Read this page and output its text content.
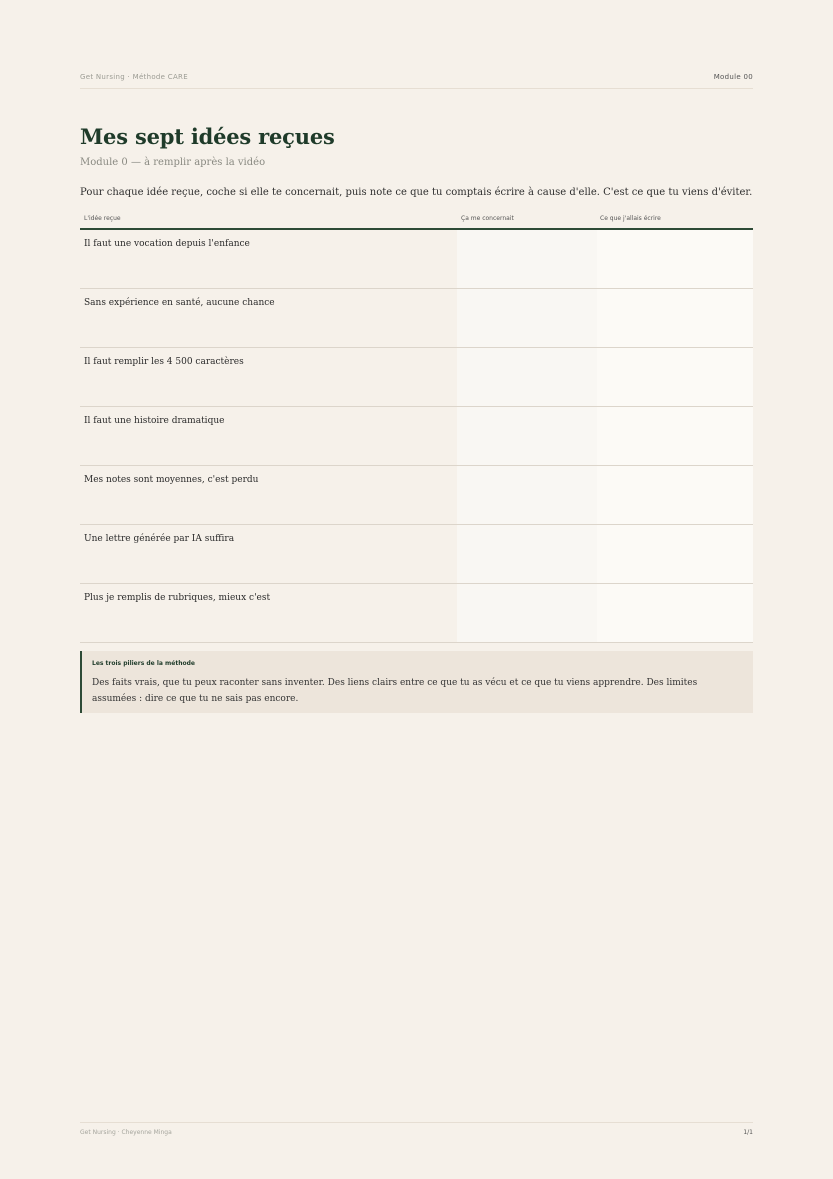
Get Nursing · Méthode CARE	Module 00
Mes sept idées reçues
Module 0 — à remplir après la vidéo
Pour chaque idée reçue, coche si elle te concernait, puis note ce que tu comptais écrire à cause d'elle. C'est ce que tu viens d'éviter.
L'idée reçue	Ça me concernait	Ce que j'allais écrire
Il faut une vocation depuis l'enfance
Sans expérience en santé, aucune chance
Il faut remplir les 4 500 caractères
Il faut une histoire dramatique
Mes notes sont moyennes, c'est perdu
Une lettre générée par IA suffira
Plus je remplis de rubriques, mieux c'est
Les trois piliers de la méthode
Des faits vrais, que tu peux raconter sans inventer. Des liens clairs entre ce que tu as vécu et ce que tu viens apprendre. Des limites assumées : dire ce que tu ne sais pas encore.
Get Nursing · Cheyenne Minga	1/1
